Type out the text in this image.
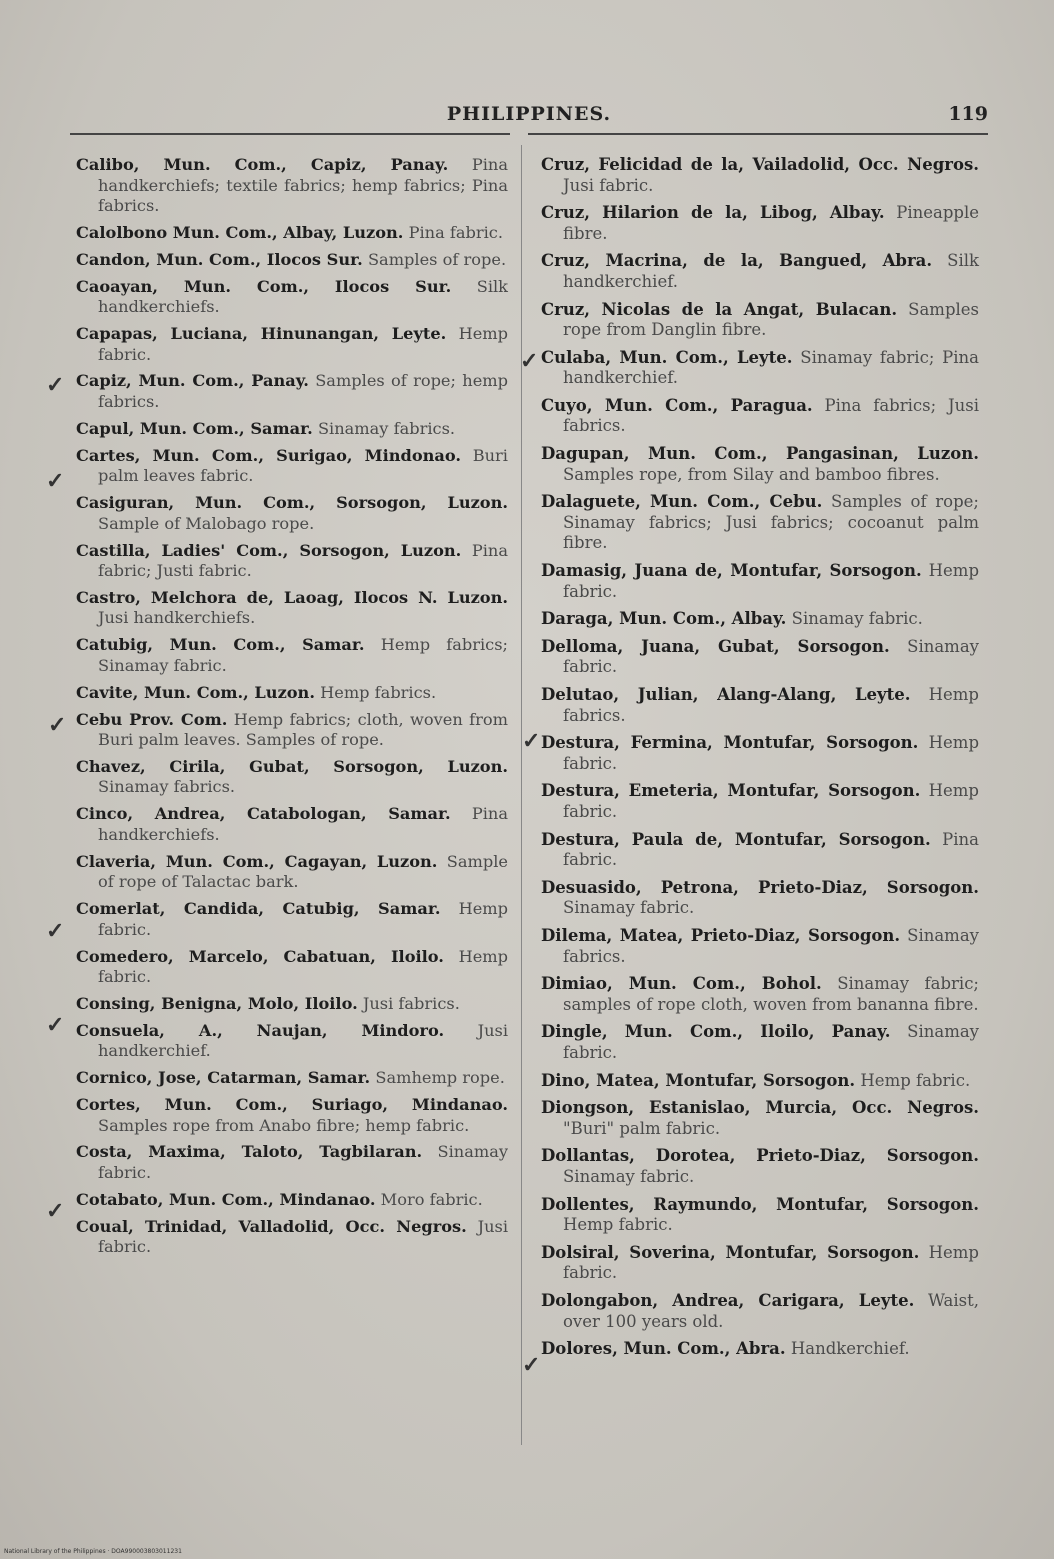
PHILIPPINES.	119

Calibo, Mun. Com., Capiz, Panay. Pina handkerchiefs; textile fabrics; hemp fabrics; Pina fabrics.

Calolbono Mun. Com., Albay, Luzon. Pina fabric.

Candon, Mun. Com., Ilocos Sur. Samples of rope.

Caoayan, Mun. Com., Ilocos Sur. Silk handkerchiefs.

Capapas, Luciana, Hinunangan, Leyte. Hemp fabric.

Capiz, Mun. Com., Panay. Samples of rope; hemp fabrics.

Capul, Mun. Com., Samar. Sinamay fabrics.

Cartes, Mun. Com., Surigao, Mindonao. Buri palm leaves fabric.

Casiguran, Mun. Com., Sorsogon, Luzon. Sample of Malobago rope.

Castilla, Ladies' Com., Sorsogon, Luzon. Pina fabric; Justi fabric.

Castro, Melchora de, Laoag, Ilocos N. Luzon. Jusi handkerchiefs.

Catubig, Mun. Com., Samar. Hemp fabrics; Sinamay fabric.

Cavite, Mun. Com., Luzon. Hemp fabrics.

Cebu Prov. Com. Hemp fabrics; cloth, woven from Buri palm leaves. Samples of rope.

Chavez, Cirila, Gubat, Sorsogon, Luzon. Sinamay fabrics.

Cinco, Andrea, Catabologan, Samar. Pina handkerchiefs.

Claveria, Mun. Com., Cagayan, Luzon. Sample of rope of Talactac bark.

Comerlat, Candida, Catubig, Samar. Hemp fabric.

Comedero, Marcelo, Cabatuan, Iloilo. Hemp fabric.

Consing, Benigna, Molo, Iloilo. Jusi fabrics.

Consuela, A., Naujan, Mindoro. Jusi handkerchief.

Cornico, Jose, Catarman, Samar. Samhemp rope.

Cortes, Mun. Com., Suriago, Mindanao. Samples rope from Anabo fibre; hemp fabric.

Costa, Maxima, Taloto, Tagbilaran. Sinamay fabric.

Cotabato, Mun. Com., Mindanao. Moro fabric.

Coual, Trinidad, Valladolid, Occ. Negros. Jusi fabric.

Cruz, Felicidad de la, Vailadolid, Occ. Negros. Jusi fabric.

Cruz, Hilarion de la, Libog, Albay. Pineapple fibre.

Cruz, Macrina, de la, Bangued, Abra. Silk handkerchief.

Cruz, Nicolas de la Angat, Bulacan. Samples rope from Danglin fibre.

Culaba, Mun. Com., Leyte. Sinamay fabric; Pina handkerchief.

Cuyo, Mun. Com., Paragua. Pina fabrics; Jusi fabrics.

Dagupan, Mun. Com., Pangasinan, Luzon. Samples rope, from Silay and bamboo fibres.

Dalaguete, Mun. Com., Cebu. Samples of rope; Sinamay fabrics; Jusi fabrics; cocoanut palm fibre.

Damasig, Juana de, Montufar, Sorsogon. Hemp fabric.

Daraga, Mun. Com., Albay. Sinamay fabric.

Delloma, Juana, Gubat, Sorsogon. Sinamay fabric.

Delutao, Julian, Alang-Alang, Leyte. Hemp fabrics.

Destura, Fermina, Montufar, Sorsogon. Hemp fabric.

Destura, Emeteria, Montufar, Sorsogon. Hemp fabric.

Destura, Paula de, Montufar, Sorsogon. Pina fabric.

Desuasido, Petrona, Prieto-Diaz, Sorsogon. Sinamay fabric.

Dilema, Matea, Prieto-Diaz, Sorsogon. Sinamay fabrics.

Dimiao, Mun. Com., Bohol. Sinamay fabric; samples of rope cloth, woven from bananna fibre.

Dingle, Mun. Com., Iloilo, Panay. Sinamay fabric.

Dino, Matea, Montufar, Sorsogon. Hemp fabric.

Diongson, Estanislao, Murcia, Occ. Negros. "Buri" palm fabric.

Dollantas, Dorotea, Prieto-Diaz, Sorsogon. Sinamay fabric.

Dollentes, Raymundo, Montufar, Sorsogon. Hemp fabric.

Dolsiral, Soverina, Montufar, Sorsogon. Hemp fabric.

Dolongabon, Andrea, Carigara, Leyte. Waist, over 100 years old.

Dolores, Mun. Com., Abra. Handkerchief.

✓
✓
✓
✓
✓
✓
✓
✓
✓
National Library of the Philippines · DOA990003803011231
